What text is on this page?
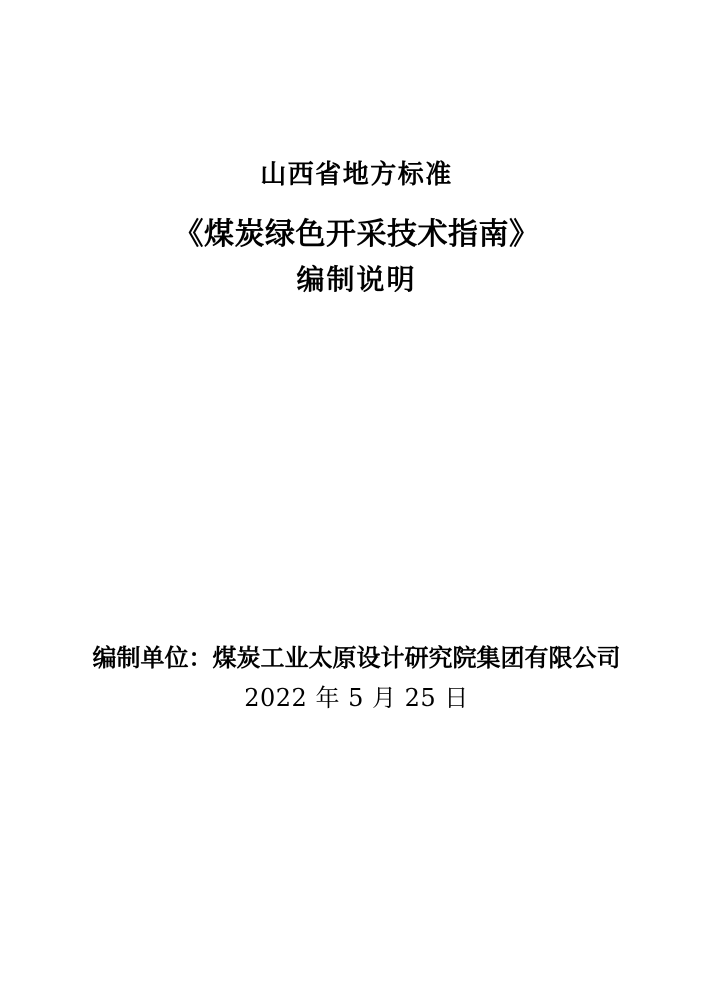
山西省地方标准
《煤炭绿色开采技术指南》
编制说明
编制单位：煤炭工业太原设计研究院集团有限公司
2022 年 5 月 25 日
